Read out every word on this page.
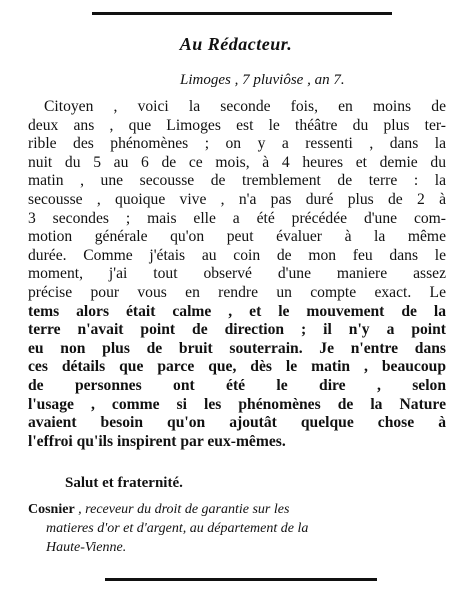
Au Rédacteur.
Limoges , 7 pluviôse , an 7.
Citoyen , voici la seconde fois, en moins de
deux ans , que Limoges est le théâtre du plus ter-
rible des phénomènes ; on y a ressenti , dans la
nuit du 5 au 6 de ce mois, à 4 heures et demie du
matin , une secousse de tremblement de terre : la
secousse , quoique vive , n'a pas duré plus de 2 à
3 secondes ; mais elle a été précédée d'une com-
motion générale qu'on peut évaluer à la même
durée. Comme j'étais au coin de mon feu dans le
moment, j'ai tout observé d'une maniere assez
précise pour vous en rendre un compte exact. Le
tems alors était calme , et le mouvement de la
terre n'avait point de direction ; il n'y a point
eu non plus de bruit souterrain. Je n'entre dans
ces détails que parce que, dès le matin , beaucoup
de personnes ont été le dire , selon
l'usage , comme si les phénomènes de la Nature
avaient besoin qu'on ajoutât quelque chose à
l'effroi qu'ils inspirent par eux-mêmes.
Salut et fraternité.
Cosnier , receveur du droit de garantie sur les
matieres d'or et d'argent, au département de la
Haute-Vienne.
